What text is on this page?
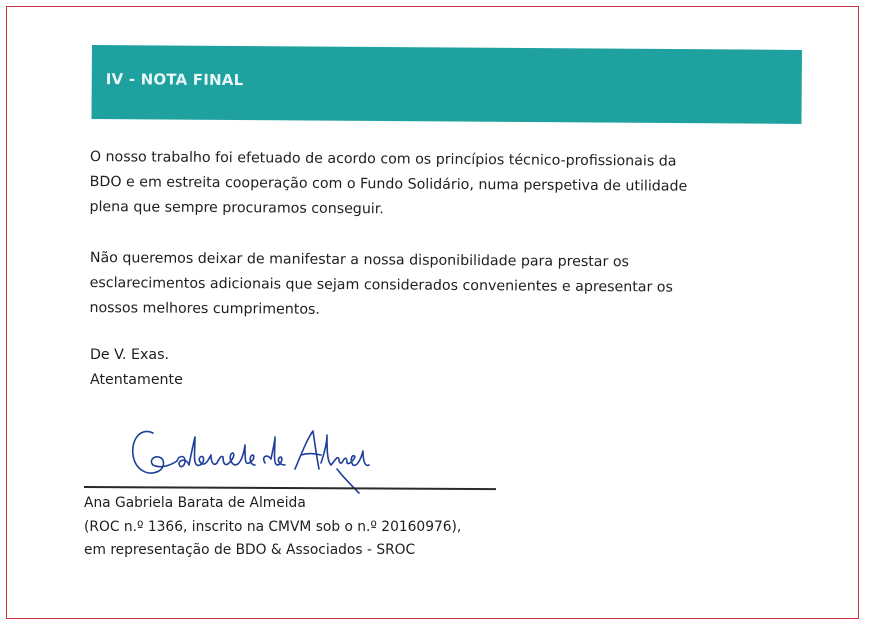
IV - NOTA FINAL
O nosso trabalho foi efetuado de acordo com os princípios técnico-profissionais da
BDO e em estreita cooperação com o Fundo Solidário, numa perspetiva de utilidade
plena que sempre procuramos conseguir.
Não queremos deixar de manifestar a nossa disponibilidade para prestar os
esclarecimentos adicionais que sejam considerados convenientes e apresentar os
nossos melhores cumprimentos.
De V. Exas.
Atentamente
Ana Gabriela Barata de Almeida
(ROC n.º 1366, inscrito na CMVM sob o n.º 20160976),
em representação de BDO & Associados - SROC
